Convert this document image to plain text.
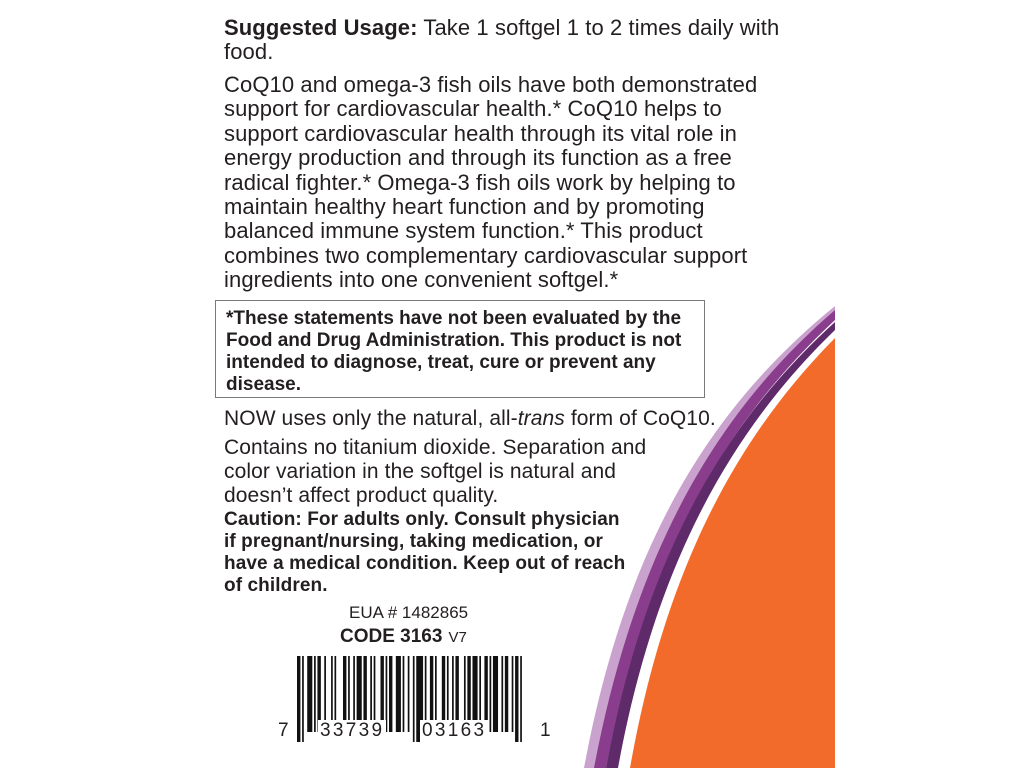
Suggested Usage: Take 1 softgel 1 to 2 times daily with food.

CoQ10 and omega-3 fish oils have both demonstrated support for cardiovascular health.* CoQ10 helps to support cardiovascular health through its vital role in energy production and through its function as a free radical fighter.* Omega-3 fish oils work by helping to maintain healthy heart function and by promoting balanced immune system function.* This product combines two complementary cardiovascular support ingredients into one convenient softgel.*

*These statements have not been evaluated by the Food and Drug Administration. This product is not intended to diagnose, treat, cure or prevent any disease.

NOW uses only the natural, all-trans form of CoQ10.

Contains no titanium dioxide. Separation and color variation in the softgel is natural and doesn’t affect product quality.

Caution: For adults only. Consult physician if pregnant/nursing, taking medication, or have a medical condition. Keep out of reach of children.

EUA # 1482865
CODE 3163 V7
7 33739 03163	1
